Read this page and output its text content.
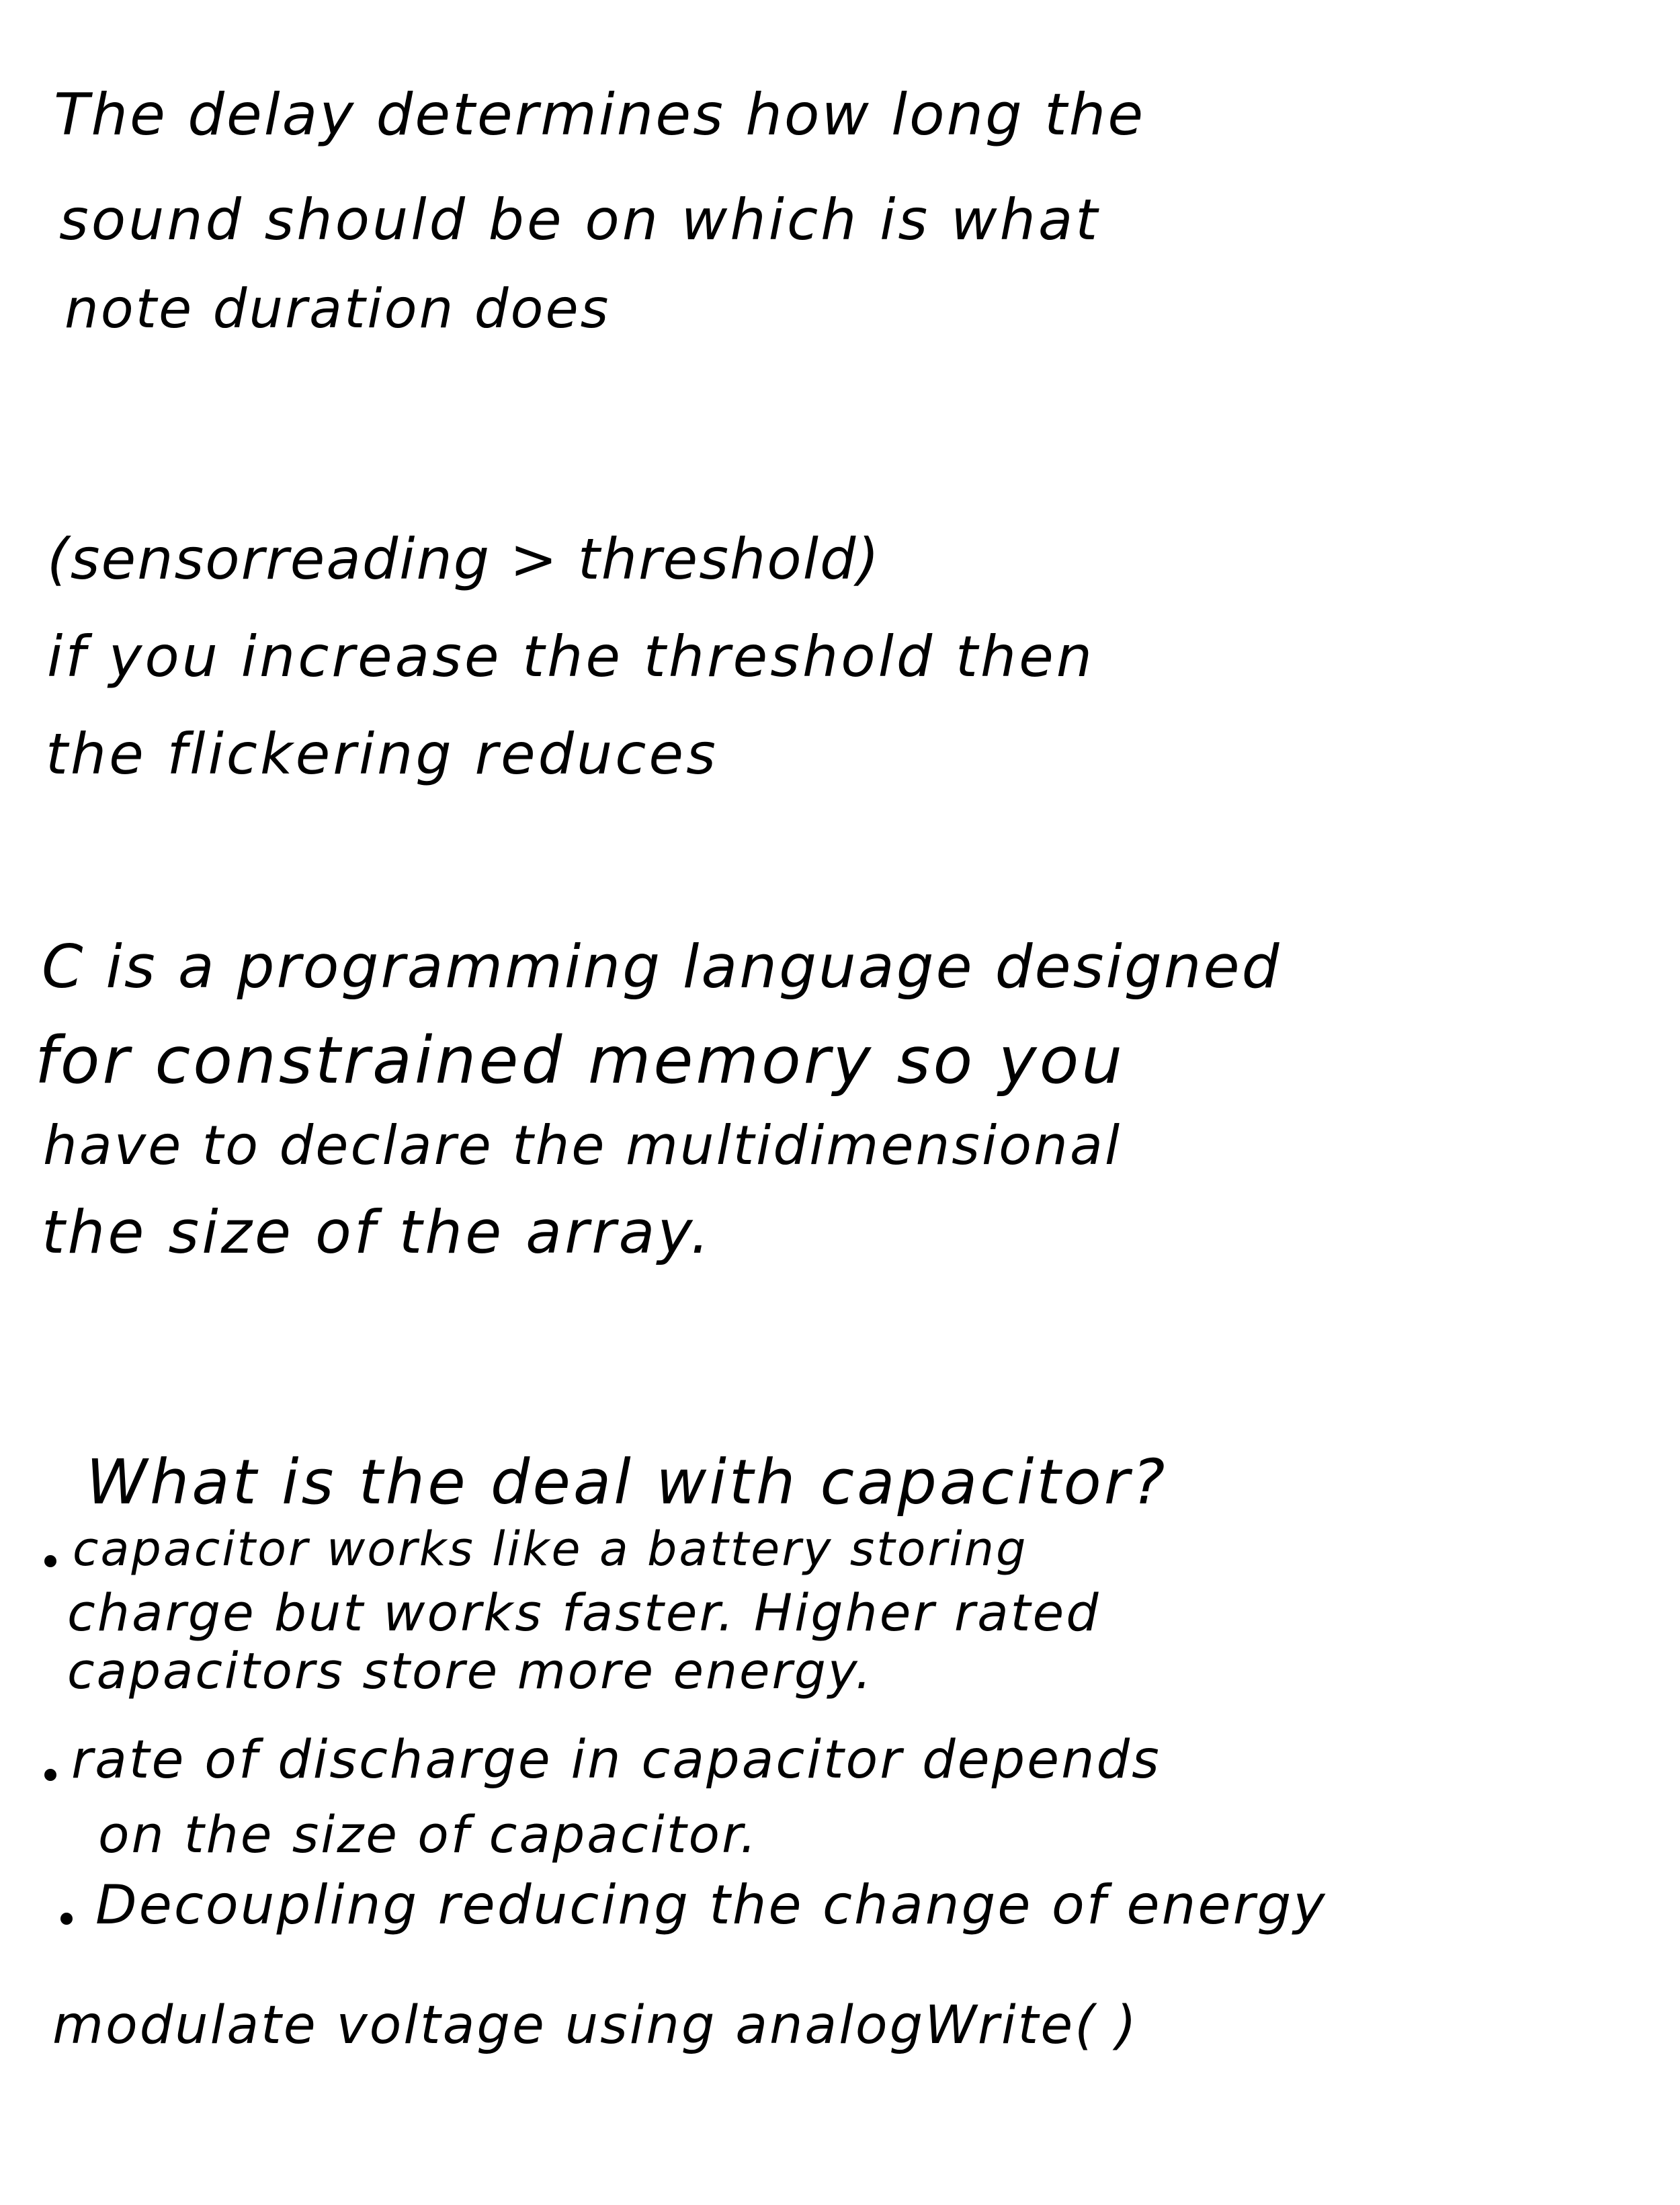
The delay determines how long the
sound should be on which is what
note duration does
(sensorreading > threshold)
if you increase the threshold then
the flickering reduces
C is a programming language designed
for constrained memory so you
have to declare the multidimensional
the size of the array.
What is the deal with capacitor?
capacitor works like a battery storing
charge but works faster. Higher rated
capacitors store more energy.
rate of discharge in capacitor depends
on the size of capacitor.
Decoupling reducing the change of energy
modulate voltage using analogWrite( )
